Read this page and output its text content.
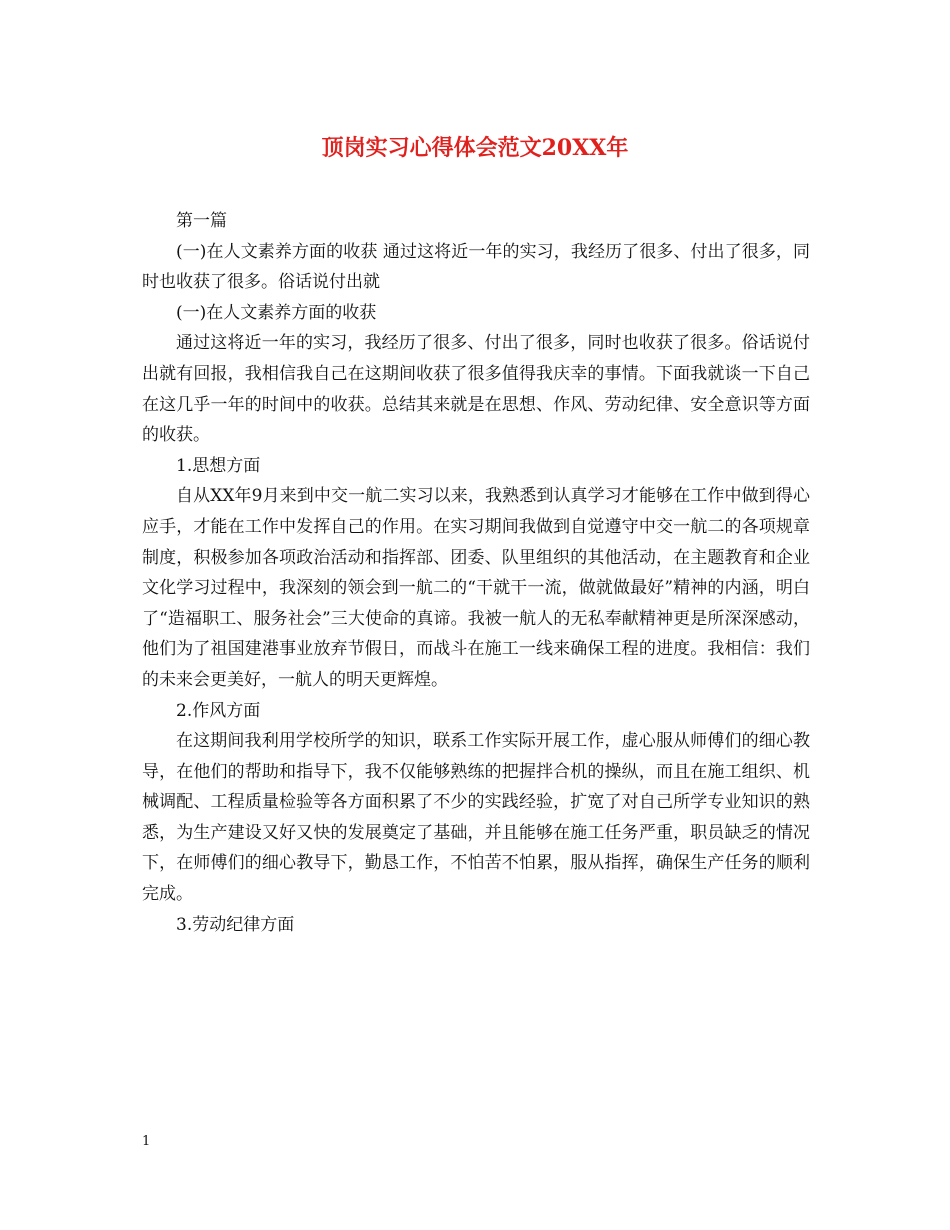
顶岗实习心得体会范文20XX年

第一篇

(一)在人文素养方面的收获 通过这将近一年的实习，我经历了很多、付出了很多，同时也收获了很多。俗话说付出就

(一)在人文素养方面的收获

通过这将近一年的实习，我经历了很多、付出了很多，同时也收获了很多。俗话说付出就有回报，我相信我自己在这期间收获了很多值得我庆幸的事情。下面我就谈一下自己在这几乎一年的时间中的收获。总结其来就是在思想、作风、劳动纪律、安全意识等方面的收获。

1.思想方面

自从XX年9月来到中交一航二实习以来，我熟悉到认真学习才能够在工作中做到得心应手，才能在工作中发挥自己的作用。在实习期间我做到自觉遵守中交一航二的各项规章制度，积极参加各项政治活动和指挥部、团委、队里组织的其他活动，在主题教育和企业文化学习过程中，我深刻的领会到一航二的“干就干一流，做就做最好”精神的内涵，明白了“造福职工、服务社会”三大使命的真谛。我被一航人的无私奉献精神更是所深深感动，他们为了祖国建港事业放弃节假日，而战斗在施工一线来确保工程的进度。我相信：我们的未来会更美好，一航人的明天更辉煌。

2.作风方面

在这期间我利用学校所学的知识，联系工作实际开展工作，虚心服从师傅们的细心教导，在他们的帮助和指导下，我不仅能够熟练的把握拌合机的操纵，而且在施工组织、机械调配、工程质量检验等各方面积累了不少的实践经验，扩宽了对自己所学专业知识的熟悉，为生产建设又好又快的发展奠定了基础，并且能够在施工任务严重，职员缺乏的情况下，在师傅们的细心教导下，勤恳工作，不怕苦不怕累，服从指挥，确保生产任务的顺利完成。

3.劳动纪律方面

1
